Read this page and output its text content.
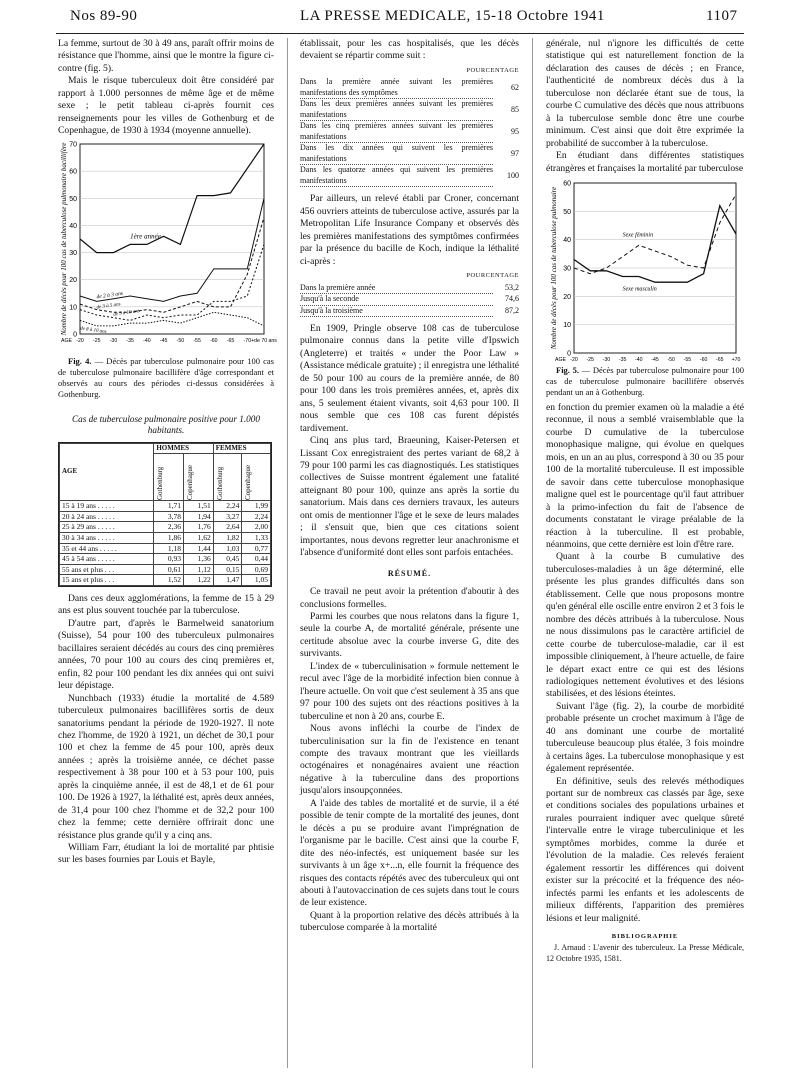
Nos 89-90	LA PRESSE MEDICALE, 15-18 Octobre 1941	1107

La femme, surtout de 30 à 49 ans, paraît offrir moins de résistance que l'homme, ainsi que le montre la figure ci-contre (fig. 5).

Mais le risque tuberculeux doit être considéré par rapport à 1.000 personnes de même âge et de même sexe ; le petit tableau ci-après fournit ces renseignements pour les villes de Gothenburg et de Copenhague, de 1930 à 1934 (moyenne annuelle).

0
10
20
30
40
50
60
70
-20 -25 -30 -35 -40 -45 -50 -55 -60 -65 -70 +de 70 ans
AGE
Nombre de décès pour 100 cas de tuberculose pulmonaire bacillifère	1ère année
de 2 à 3 ans
de 3 à 5 ans
de 5 à 10 ans
de 8 à 10 ans

Fig. 4. — Décès par tuberculose pulmonaire pour 100 cas de tuberculose pulmonaire bacillifère d'âge correspondant et observés au cours des périodes ci-dessus considérées à Gothenburg.

Cas de tuberculose pulmonaire positive pour 1.000 habitants.

AGE	HOMMES		FEMMES	

	Gothenburg	Copenhague	Gothenburg	Copenhague

15 à 19 ans . . . . .	1,71	1,51	2,24	1,99
20 à 24 ans . . . . .	3,78	1,94	3,27	2,24
25 à 29 ans . . . . .	2,36	1,76	2,64	2,00
30 à 34 ans . . . . .	1,86	1,62	1,82	1,33
35 et 44 ans . . . . .	1,18	1,44	1,03	0,77
45 à 54 ans . . . . .	0,93	1,36	0,45	0,44
55 ans et plus . . .	0,61	1,12	0,15	0,69
15 ans et plus . . .	1,52	1,22	1,47	1,05

Dans ces deux agglomérations, la femme de 15 à 29 ans est plus souvent touchée par la tuberculose.

D'autre part, d'après le Barmelweid sanatorium (Suisse), 54 pour 100 des tuberculeux pulmonaires bacillaires seraient décédés au cours des cinq premières années, 70 pour 100 au cours des cinq premières et, enfin, 82 pour 100 pendant les dix années qui ont suivi leur dépistage.

Nunchbach (1933) étudie la mortalité de 4.589 tuberculeux pulmonaires bacillifères sortis de deux sanatoriums pendant la période de 1920-1927. Il note chez l'homme, de 1920 à 1921, un déchet de 30,1 pour 100 et chez la femme de 45 pour 100, après deux années ; après la troisième année, ce déchet passe respectivement à 38 pour 100 et à 53 pour 100, puis après la cinquième année, il est de 48,1 et de 61 pour 100. De 1926 à 1927, la léthalité est, après deux années, de 31,4 pour 100 chez l'homme et de 32,2 pour 100 chez la femme; cette dernière offrirait donc une résistance plus grande qu'il y a cinq ans.

William Farr, étudiant la loi de mortalité par phtisie sur les bases fournies par Louis et Bayle,

établissait, pour les cas hospitalisés, que les décès devaient se répartir comme suit :

POURCENTAGE
Dans la première année suivant les premières manifestations des symptômes	62
Dans les deux premières années suivant les premières manifestations	85
Dans les cinq premières années suivant les premières manifestations	95
Dans les dix années qui suivent les premières manifestations	97
Dans les quatorze années qui suivent les premières manifestations	100

Par ailleurs, un relevé établi par Croner, concernant 456 ouvriers atteints de tuberculose active, assurés par la Metropolitan Life Insurance Company et observés dès les premières manifestations des symptômes confirmées par la présence du bacille de Koch, indique la léthalité ci-après :

POURCENTAGE
Dans la première année	53,2
Jusqu'à la seconde	74,6
Jusqu'à la troisième	87,2

En 1909, Pringle observe 108 cas de tuberculose pulmonaire connus dans la petite ville d'Ipswich (Angleterre) et traités « under the Poor Law » (Assistance médicale gratuite) ; il enregistra une léthalité de 50 pour 100 au cours de la première année, de 80 pour 100 dans les trois premières années, et, après dix ans, 5 seulement étaient vivants, soit 4,63 pour 100. Il nous semble que ces 108 cas furent dépistés tardivement.

Cinq ans plus tard, Braeuning, Kaiser-Petersen et Lissant Cox enregistraient des pertes variant de 68,2 à 79 pour 100 parmi les cas diagnostiqués. Les statistiques collectives de Suisse montrent également une fatalité atteignant 80 pour 100, quinze ans après la sortie du sanatorium. Mais dans ces derniers travaux, les auteurs ont omis de mentionner l'âge et le sexe de leurs malades ; il s'ensuit que, bien que ces citations soient importantes, nous devons regretter leur anachronisme et l'absence d'uniformité dont elles sont parfois entachées.

RÉSUMÉ.

Ce travail ne peut avoir la prétention d'aboutir à des conclusions formelles.

Parmi les courbes que nous relatons dans la figure 1, seule la courbe A, de mortalité générale, présente une certitude absolue avec la courbe inverse G, dite des survivants.

L'index de « tuberculinisation » formule nettement le recul avec l'âge de la morbidité infection bien connue à l'heure actuelle. On voit que c'est seulement à 35 ans que 97 pour 100 des sujets ont des réactions positives à la tuberculine et non à 20 ans, courbe E.

Nous avons infléchi la courbe de l'index de tuberculinisation sur la fin de l'existence en tenant compte des travaux montrant que les vieillards octogénaires et nonagénaires avaient une réaction négative à la tuberculine dans des proportions jusqu'alors insoupçonnées.

A l'aide des tables de mortalité et de survie, il a été possible de tenir compte de la mortalité des jeunes, dont le décès a pu se produire avant l'imprégnation de l'organisme par le bacille. C'est ainsi que la courbe F, dite des néo-infectés, est uniquement basée sur les survivants à un âge x+...n, elle fournit la fréquence des risques des contacts répétés avec des tuberculeux qui ont abouti à l'autovaccination de ces sujets dans tout le cours de leur existence.

Quant à la proportion relative des décès attribués à la tuberculose comparée à la mortalité

générale, nul n'ignore les difficultés de cette statistique qui est naturellement fonction de la déclaration des causes de décès ; en France, l'authenticité de nombreux décès dus à la tuberculose non déclarée étant sue de tous, la courbe C cumulative des décès que nous attribuons à la tuberculose semble donc être une courbe minimum. C'est ainsi que doit être exprimée la probabilité de succomber à la tuberculose.

En étudiant dans différentes statistiques étrangères et françaises la mortalité par tuberculose

0
10
20
30
40
50
60
-20 -25 -30 -35 -40 -45 -50 -55 -60 -65 +70
AGE
Nombre de décès pour 100 cas de tuberculose pulmonaire	Sexe féminin
Sexe masculin

Fig. 5. — Décès par tuberculose pulmonaire pour 100 cas de tuberculose pulmonaire bacillifère observés pendant un an à Gothenburg.

en fonction du premier examen où la maladie a été reconnue, il nous a semblé vraisemblable que la courbe D cumulative de la tuberculose monophasique maligne, qui évolue en quelques mois, en un an au plus, correspond à 30 ou 35 pour 100 de la mortalité tuberculeuse. Il est impossible de savoir dans cette tuberculose monophasique maligne quel est le pourcentage qu'il faut attribuer à la primo-infection du fait de l'absence de documents constatant le virage préalable de la réaction à la tuberculine. Il est probable, néanmoins, que cette dernière est loin d'être rare.

Quant à la courbe B cumulative des tuberculoses-maladies à un âge déterminé, elle présente les plus grandes difficultés dans son établissement. Celle que nous proposons montre qu'en général elle oscille entre environ 2 et 3 fois le nombre des décès attribués à la tuberculose. Nous ne nous dissimulons pas le caractère artificiel de cette courbe de tuberculose-maladie, car il est impossible cliniquement, à l'heure actuelle, de faire le départ exact entre ce qui est des lésions radiologiques nettement évolutives et des lésions stabilisées, et des lésions éteintes.

Suivant l'âge (fig. 2), la courbe de morbidité probable présente un crochet maximum à l'âge de 40 ans dominant une courbe de mortalité tuberculeuse beaucoup plus étalée, 3 fois moindre à certains âges. La tuberculose monophasique y est également représentée.

En définitive, seuls des relevés méthodiques portant sur de nombreux cas classés par âge, sexe et conditions sociales des populations urbaines et rurales pourraient indiquer avec quelque sûreté l'intervalle entre le virage tuberculinique et les symptômes morbides, comme la durée et l'évolution de la maladie. Ces relevés feraient également ressortir les différences qui doivent exister sur la précocité et la fréquence des néo-infectés parmi les enfants et les adolescents de milieux différents, l'apparition des premières lésions et leur malignité.

BIBLIOGRAPHIE

J. Arnaud : L'avenir des tuberculeux. La Presse Médicale, 12 Octobre 1935, 1581.
